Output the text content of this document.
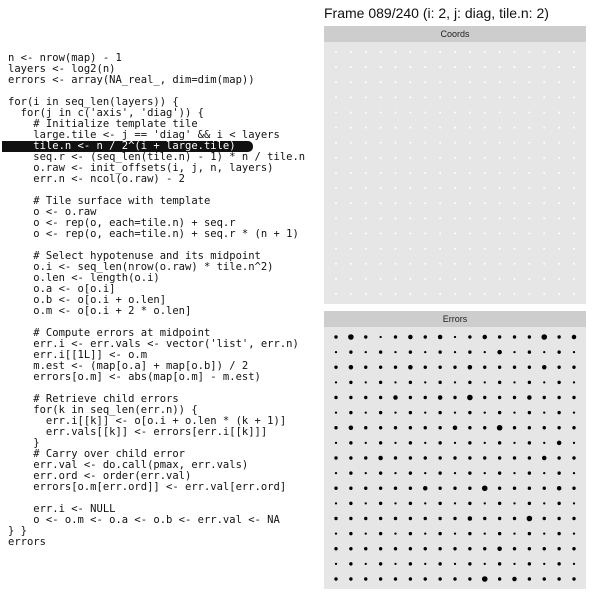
n <- nrow(map) - 1
layers <- log2(n)
errors <- array(NA_real_, dim=dim(map))
for(i in seq_len(layers)) {
for(j in c('axis', 'diag')) {
# Initialize template tile
large.tile <- j == 'diag' && i < layers
tile.n <- n / 2^(i + large.tile)
seq.r <- (seq_len(tile.n) - 1) * n / tile.n
o.raw <- init_offsets(i, j, n, layers)
err.n <- ncol(o.raw) - 2
# Tile surface with template
o <- o.raw
o <- rep(o, each=tile.n) + seq.r
o <- rep(o, each=tile.n) + seq.r * (n + 1)
# Select hypotenuse and its midpoint
o.i <- seq_len(nrow(o.raw) * tile.n^2)
o.len <- length(o.i)
o.a <- o[o.i]
o.b <- o[o.i + o.len]
o.m <- o[o.i + 2 * o.len]
# Compute errors at midpoint
err.i <- err.vals <- vector('list', err.n)
err.i[[1L]] <- o.m
m.est <- (map[o.a] + map[o.b]) / 2
errors[o.m] <- abs(map[o.m] - m.est)
# Retrieve child errors
for(k in seq_len(err.n)) {
err.i[[k]] <- o[o.i + o.len * (k + 1)]
err.vals[[k]] <- errors[err.i[[k]]]
}
# Carry over child error
err.val <- do.call(pmax, err.vals)
err.ord <- order(err.val)
errors[o.m[err.ord]] <- err.val[err.ord]
err.i <- NULL
o <- o.m <- o.a <- o.b <- err.val <- NA
} }
errors
Frame 089/240 (i: 2, j: diag, tile.n: 2)
Coords
Errors
